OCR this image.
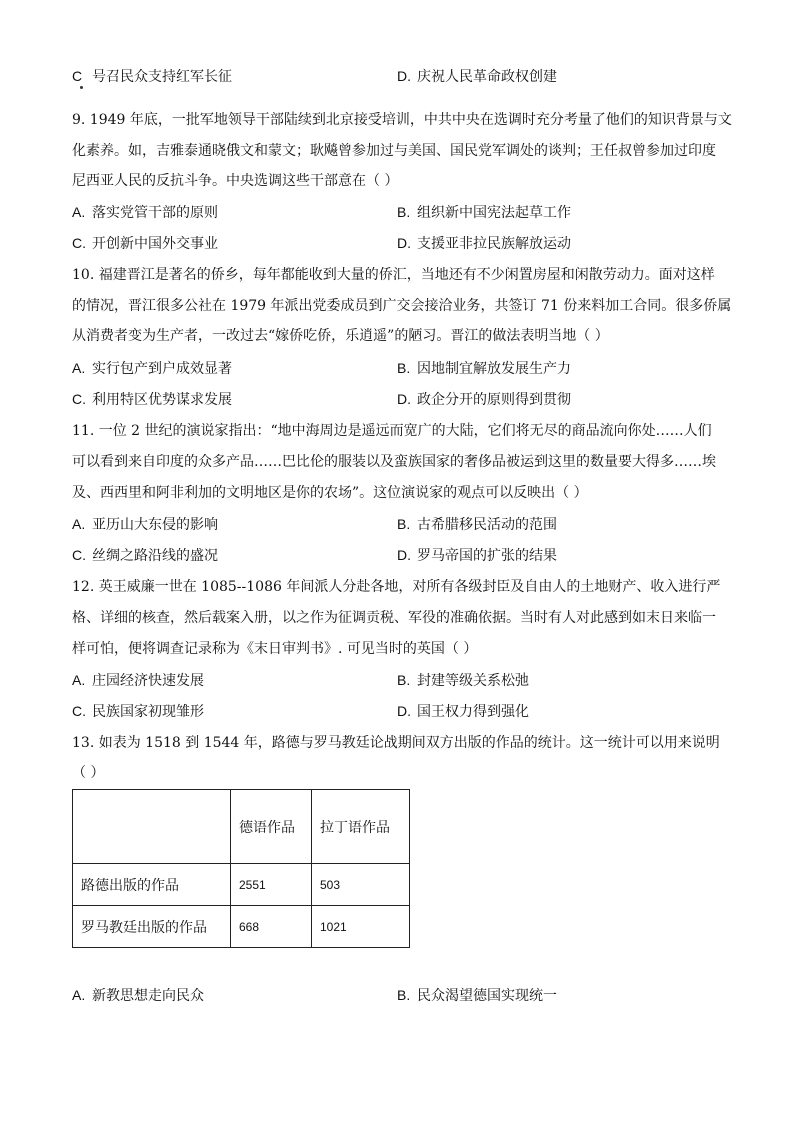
C 号召民众支持红军长征	D. 庆祝人民革命政权创建
9. 1949 年底，一批军地领导干部陆续到北京接受培训，中共中央在选调时充分考量了他们的知识背景与文
化素养。如，吉雅泰通晓俄文和蒙文；耿飚曾参加过与美国、国民党军调处的谈判；王任叔曾参加过印度
尼西亚人民的反抗斗争。中央选调这些干部意在（ ）
A. 落实党管干部的原则	B. 组织新中国宪法起草工作
C. 开创新中国外交事业	D. 支援亚非拉民族解放运动
10. 福建晋江是著名的侨乡，每年都能收到大量的侨汇，当地还有不少闲置房屋和闲散劳动力。面对这样
的情况，晋江很多公社在 1979 年派出党委成员到广交会接洽业务，共签订 71 份来料加工合同。很多侨属
从消费者变为生产者，一改过去“嫁侨吃侨，乐逍遥”的陋习。晋江的做法表明当地（ ）
A. 实行包产到户成效显著	B. 因地制宜解放发展生产力
C. 利用特区优势谋求发展	D. 政企分开的原则得到贯彻
11. 一位 2 世纪的演说家指出：“地中海周边是遥远而宽广的大陆，它们将无尽的商品流向你处……人们
可以看到来自印度的众多产品……巴比伦的服装以及蛮族国家的奢侈品被运到这里的数量要大得多……埃
及、西西里和阿非利加的文明地区是你的农场”。这位演说家的观点可以反映出（ ）
A. 亚历山大东侵的影响	B. 古希腊移民活动的范围
C. 丝绸之路沿线的盛况	D. 罗马帝国的扩张的结果
12. 英王威廉一世在 1085--1086 年间派人分赴各地，对所有各级封臣及自由人的土地财产、收入进行严
格、详细的核查，然后载案入册，以之作为征调贡税、军役的准确依据。当时有人对此感到如末日来临一
样可怕，便将调查记录称为《末日审判书》. 可见当时的英国（ ）
A. 庄园经济快速发展	B. 封建等级关系松弛
C. 民族国家初现雏形	D. 国王权力得到强化
13. 如表为 1518 到 1544 年，路德与罗马教廷论战期间双方出版的作品的统计。这一统计可以用来说明
（ ）
	德语作品	拉丁语作品
路德出版的作品	2551	503
罗马教廷出版的作品	668	1021
A. 新教思想走向民众	B. 民众渴望德国实现统一
